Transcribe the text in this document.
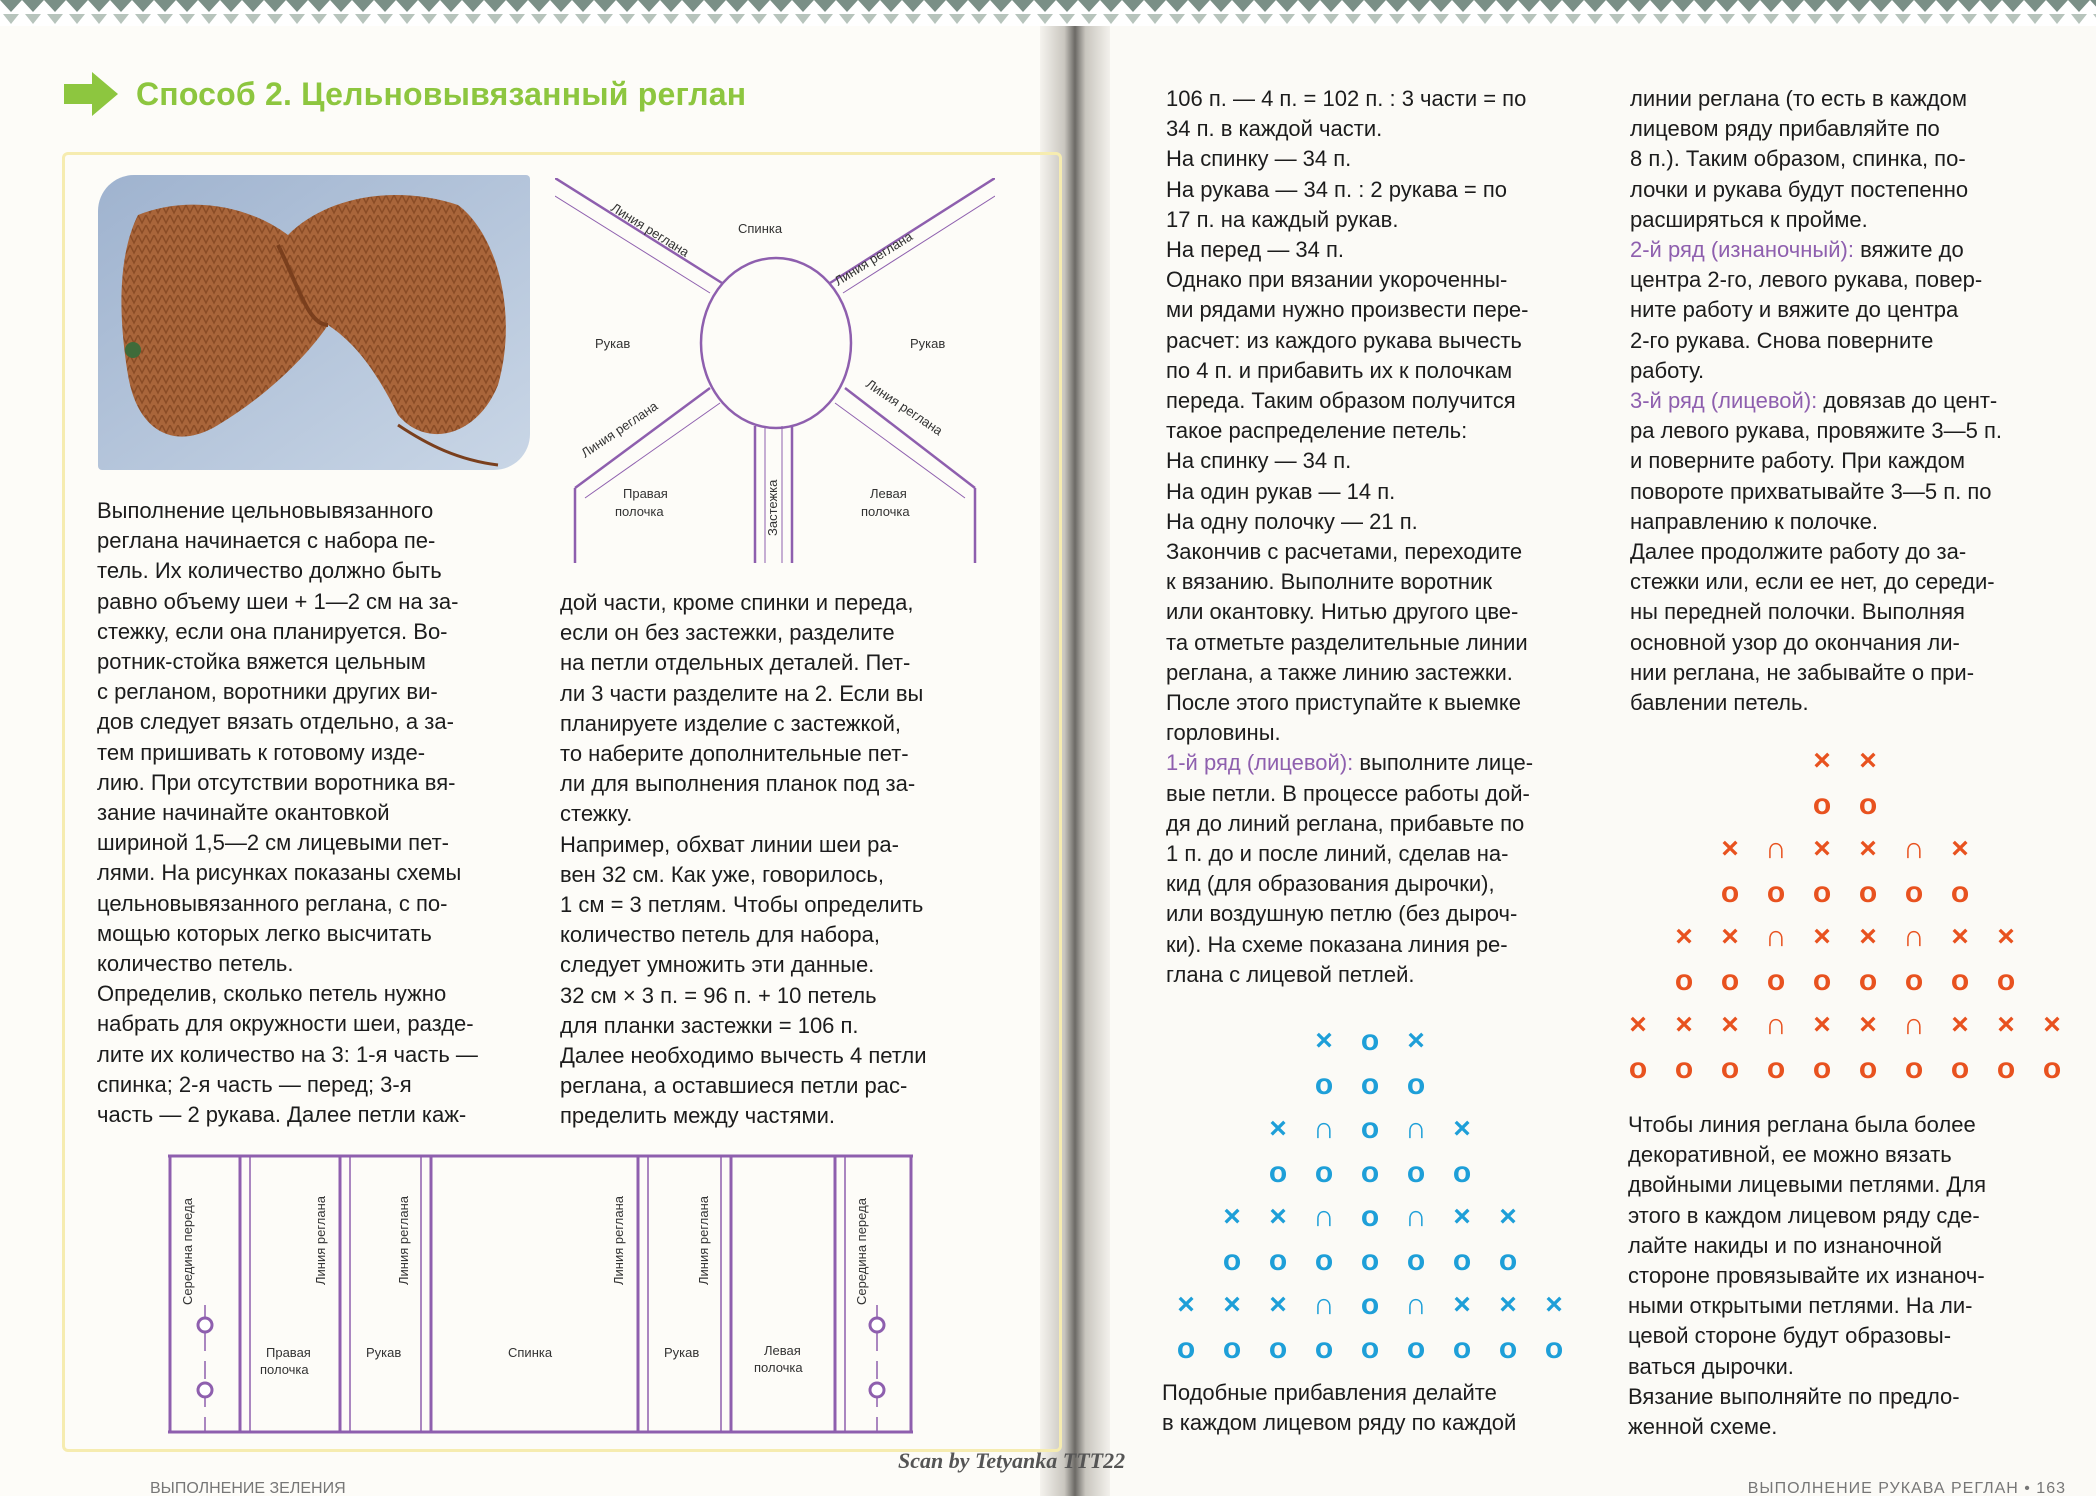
Способ 2. Цельновывязанный реглан
Спинка
Линия реглана	Линия реглана
Линия реглана	Линия реглана
Рукав	Рукав
Правая
полочка
Левая
полочка
Застежка

Выполнение цельновывязанного

реглана начинается с набора пе-

тель. Их количество должно быть

равно объему шеи + 1—2 см на за-

стежку, если она планируется. Во-

ротник-стойка вяжется цельным

с регланом, воротники других ви-

дов следует вязать отдельно, а за-

тем пришивать к готовому изде-

лию. При отсутствии воротника вя-

зание начинайте окантовкой

шириной 1,5—2 см лицевыми пет-

лями. На рисунках показаны схемы

цельновывязанного реглана, с по-

мощью которых легко высчитать

количество петель.

Определив, сколько петель нужно

набрать для окружности шеи, разде-

лите их количество на 3: 1-я часть —

спинка; 2-я часть — перед; 3-я

часть — 2 рукава. Далее петли каж-

дой части, кроме спинки и переда,

если он без застежки, разделите

на петли отдельных деталей. Пет-

ли 3 части разделите на 2. Если вы

планируете изделие с застежкой,

то наберите дополнительные пет-

ли для выполнения планок под за-

стежку.

Например, обхват линии шеи ра-

вен 32 см. Как уже, говорилось,

1 см = 3 петлям. Чтобы определить

количество петель для набора,

следует умножить эти данные.

32 см × 3 п. = 96 п. + 10 петель

для планки застежки = 106 п.

Далее необходимо вычесть 4 петли

реглана, а оставшиеся петли рас-

пределить между частями.

Середина переда	Линия реглана	Линия реглана	Линия реглана	Линия реглана	Середина переда
Правая
полочка
Рукав	Спинка	Рукав	Левая
полочка

106 п. — 4 п. = 102 п. : 3 части = по

34 п. в каждой части.

На спинку — 34 п.

На рукава — 34 п. : 2 рукава = по

17 п. на каждый рукав.

На перед — 34 п.

Однако при вязании укороченны-

ми рядами нужно произвести пере-

расчет: из каждого рукава вычесть

по 4 п. и прибавить их к полочкам

переда. Таким образом получится

такое распределение петель:

На спинку — 34 п.

На один рукав — 14 п.

На одну полочку — 21 п.

Закончив с расчетами, переходите

к вязанию. Выполните воротник

или окантовку. Нитью другого цве-

та отметьте разделительные линии

реглана, а также линию застежки.

После этого приступайте к выемке

горловины.

1-й ряд (лицевой): выполните лице-

вые петли. В процессе работы дой-

дя до линий реглана, прибавьте по

1 п. до и после линий, сделав на-

кид (для образования дырочки),

или воздушную петлю (без дыроч-

ки). На схеме показана линия ре-

глана с лицевой петлей.

× o ×
o o o
× ∩ o ∩ ×
o o o o o
× × ∩ o ∩ × ×
o o o o o o o
× × × ∩ o ∩ × × ×
o o o o o o o o o

Подобные прибавления делайте

в каждом лицевом ряду по каждой

линии реглана (то есть в каждом

лицевом ряду прибавляйте по

8 п.). Таким образом, спинка, по-

лочки и рукава будут постепенно

расширяться к пройме.

2-й ряд (изнаночный): вяжите до

центра 2-го, левого рукава, повер-

ните работу и вяжите до центра

2-го рукава. Снова поверните

работу.

3-й ряд (лицевой): довязав до цент-

ра левого рукава, провяжите 3—5 п.

и поверните работу. При каждом

повороте прихватывайте 3—5 п. по

направлению к полочке.

Далее продолжите работу до за-

стежки или, если ее нет, до середи-

ны передней полочки. Выполняя

основной узор до окончания ли-

нии реглана, не забывайте о при-

бавлении петель.

× ×
o o
× ∩ × × ∩ ×
o o o o o o
× × ∩ × × ∩ × ×
o o o o o o o o
× × × ∩ × × ∩ × × ×
o o o o o o o o o o

Чтобы линия реглана была более

декоративной, ее можно вязать

двойными лицевыми петлями. Для

этого в каждом лицевом ряду сде-

лайте накиды и по изнаночной

стороне провязывайте их изнаноч-

ными открытыми петлями. На ли-

цевой стороне будут образовы-

ваться дырочки.

Вязание выполняйте по предло-

женной схеме.

Scan by Tetyanka TTT22
ВЫПОЛНЕНИЕ РУКАВА РЕГЛАН • 163
ВЫПОЛНЕНИЕ ЗЕЛЕНИЯ
